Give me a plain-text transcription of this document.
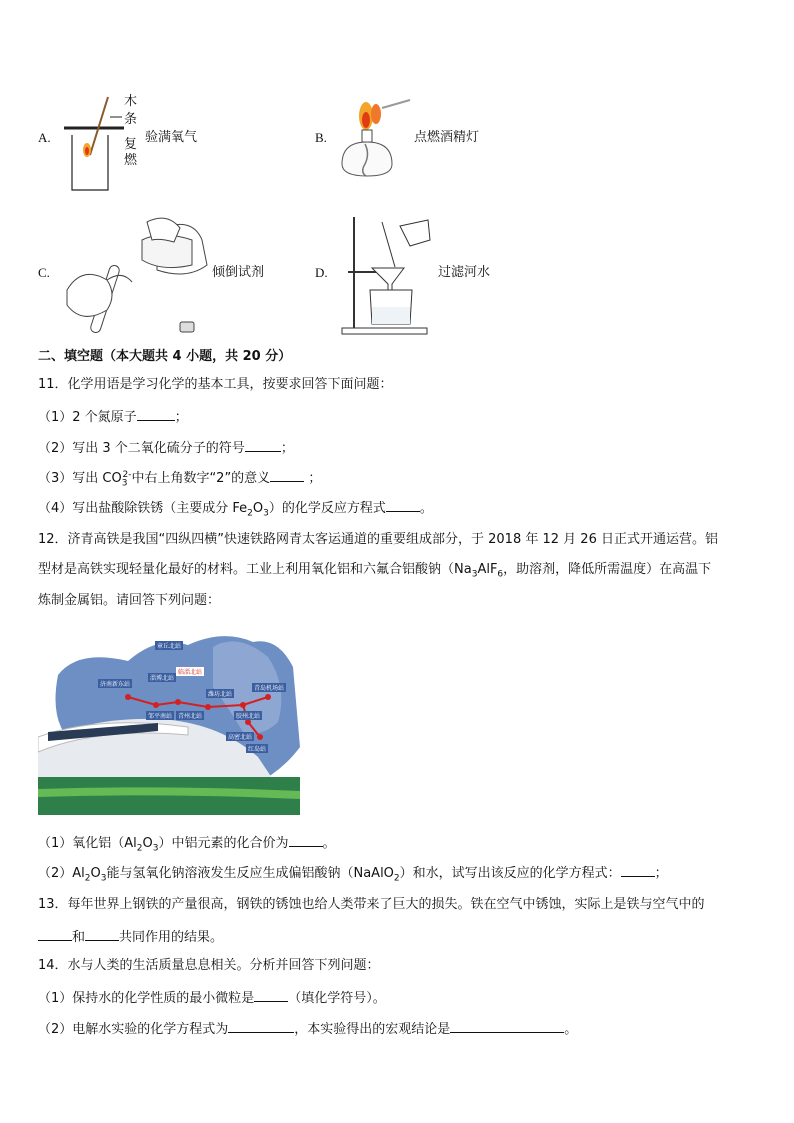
A.
木
条
复
燃
验满氧气	B.	点燃酒精灯
C.	倾倒试剂	D.	过滤河水
二、填空题（本大题共 4 小题，共 20 分）
11．化学用语是学习化学的基本工具，按要求回答下面问题：
（1）2 个氮原子	；
（2）写出 3 个二氧化硫分子的符号	；
（3）写出 $CO_3^{2-}$中右上角数字“2”的意义	；
（4）写出盐酸除铁锈（主要成分 $Fe_2O_3$）的化学反应方程式	。
12．济青高铁是我国“四纵四横”快速铁路网青太客运通道的重要组成部分，于 2018 年 12 月 26 日正式开通运营。铝
型材是高铁实现轻量化最好的材料。工业上利用氧化铝和六氟合铝酸钠（$Na_3AlF_6$，助溶剂，降低所需温度）在高温下
炼制金属铝。请回答下列问题：
章丘北站
济南新东站
淄博北站
临淄北站
潍坊北站
青岛机场站
邹平南站 青州北站	胶州北站
高密北站
红岛站
（1）氧化铝$(Al_2O_3)$中铝元素的化合价为	。
$(2)Al_2O_3$能与氢氧化钠溶液发生反应生成偏铝酸钠（NaAlO$_2$）和水，试写出该反应的化学方程式：	；
13．每年世界上钢铁的产量很高，钢铁的锈蚀也给人类带来了巨大的损失。铁在空气中锈蚀，实际上是铁与空气中的
和	共同作用的结果。
14．水与人类的生活质量息息相关。分析并回答下列问题：
（1）保持水的化学性质的最小微粒是	（填化学符号）。
（2）电解水实验的化学方程式为	，本实验得出的宏观结论是	。
